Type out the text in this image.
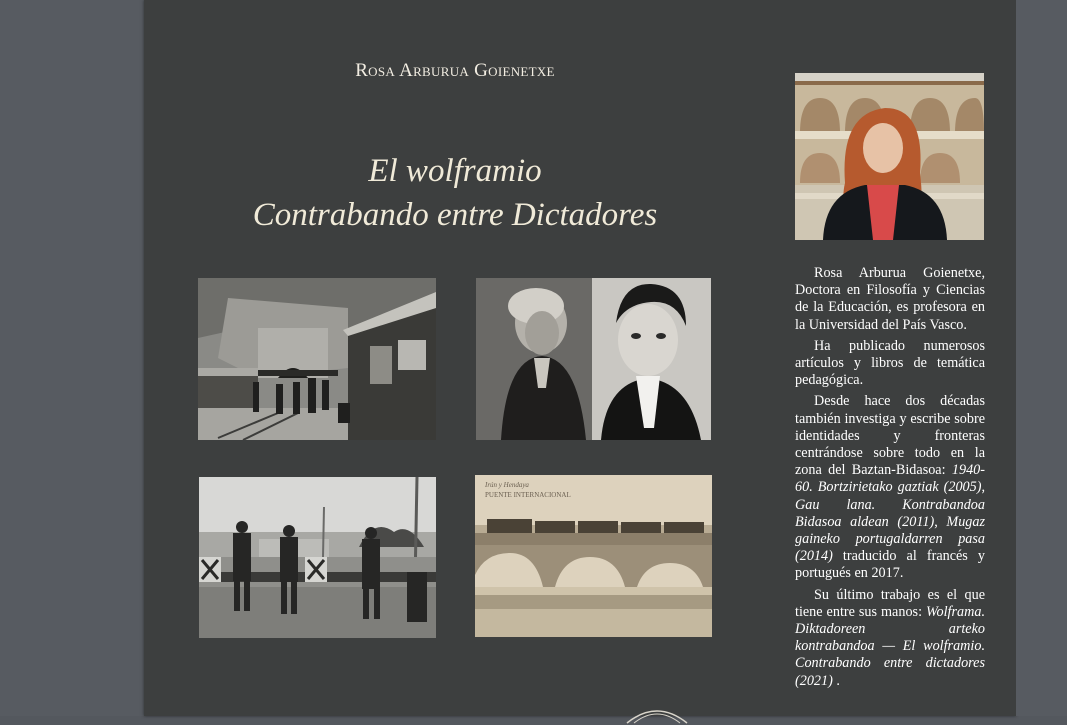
Rosa Arburua Goienetxe
El wolframio
Contrabando entre Dictadores
Irún y Hendaya
PUENTE INTERNACIONAL

Rosa Arburua Goienetxe, Doctora en Filosofía y Ciencias de la Educación, es profesora en la Universidad del País Vasco.

Ha publicado numerosos artículos y libros de temática pedagógica.

Desde hace dos décadas también investiga y escribe sobre identidades y fronteras centrándose sobre todo en la zona del Baztan-Bidasoa: 1940-60. Bortzirietako gaztiak (2005), Gau lana. Kontrabandoa Bidasoa aldean (2011), Mugaz gaineko portugaldarren pasa (2014) traducido al francés y portugués en 2017.

Su último trabajo es el que tiene entre sus manos: Wolframa. Diktadoreen arteko kontrabandoa — El wolframio. Contrabando entre dictadores (2021) .
